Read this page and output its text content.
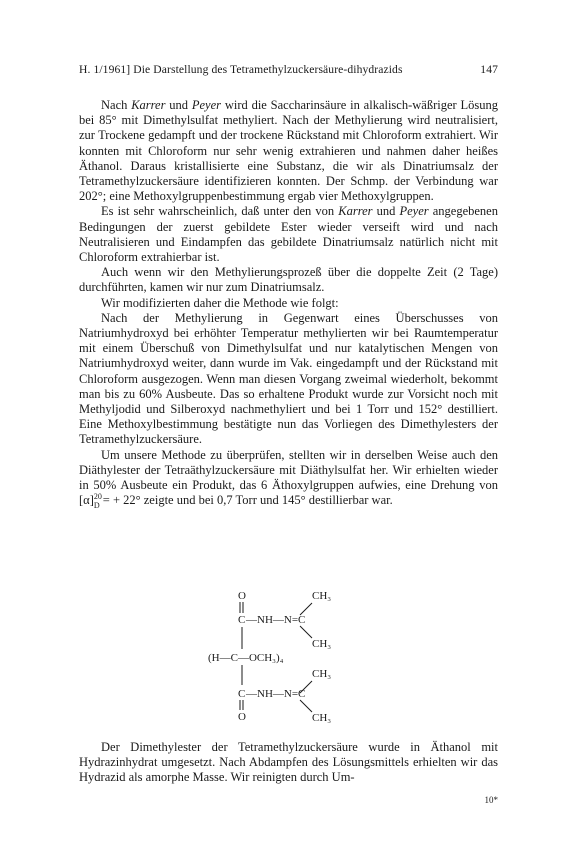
H. 1/1961] Die Darstellung des Tetramethylzuckersäure-dihydrazids	147

Nach Karrer und Peyer wird die Saccharinsäure in alkalisch-wäßriger Lösung bei 85° mit Dimethylsulfat methyliert. Nach der Methylierung wird neutralisiert, zur Trockene gedampft und der trockene Rückstand mit Chloroform extrahiert. Wir konnten mit Chloroform nur sehr wenig extrahieren und nahmen daher heißes Äthanol. Daraus kristallisierte eine Substanz, die wir als Dinatriumsalz der Tetramethylzuckersäure identifizieren konnten. Der Schmp. der Verbindung war 202°; eine Methoxylgruppenbestimmung ergab vier Methoxylgruppen.

Es ist sehr wahrscheinlich, daß unter den von Karrer und Peyer angegebenen Bedingungen der zuerst gebildete Ester wieder verseift wird und nach Neutralisieren und Eindampfen das gebildete Dinatriumsalz natürlich nicht mit Chloroform extrahierbar ist.

Auch wenn wir den Methylierungsprozeß über die doppelte Zeit (2 Tage) durchführten, kamen wir nur zum Dinatriumsalz.

Wir modifizierten daher die Methode wie folgt:

Nach der Methylierung in Gegenwart eines Überschusses von Natriumhydroxyd bei erhöhter Temperatur methylierten wir bei Raumtemperatur mit einem Überschuß von Dimethylsulfat und nur katalytischen Mengen von Natriumhydroxyd weiter, dann wurde im Vak. eingedampft und der Rückstand mit Chloroform ausgezogen. Wenn man diesen Vorgang zweimal wiederholt, bekommt man bis zu 60% Ausbeute. Das so erhaltene Produkt wurde zur Vorsicht noch mit Methyljodid und Silberoxyd nachmethyliert und bei 1 Torr und 152° destilliert. Eine Methoxylbestimmung bestätigte nun das Vorliegen des Dimethylesters der Tetramethylzuckersäure.

Um unsere Methode zu überprüfen, stellten wir in derselben Weise auch den Diäthylester der Tetraäthylzuckersäure mit Diäthylsulfat her. Wir erhielten wieder in 50% Ausbeute ein Produkt, das 6 Äthoxylgruppen aufwies, eine Drehung von $[\alpha]^{20}_D$ = + 22° zeigte und bei 0,7 Torr und 145° destillierbar war.

O	CH₃
C —NH—N=C
CH₃
(H—C—OCH₃)₄
CH₃
C —NH—N=C
O	CH₃

Der Dimethylester der Tetramethylzuckersäure wurde in Äthanol mit Hydrazinhydrat umgesetzt. Nach Abdampfen des Lösungsmittels erhielten wir das Hydrazid als amorphe Masse. Wir reinigten durch Um-

10*
